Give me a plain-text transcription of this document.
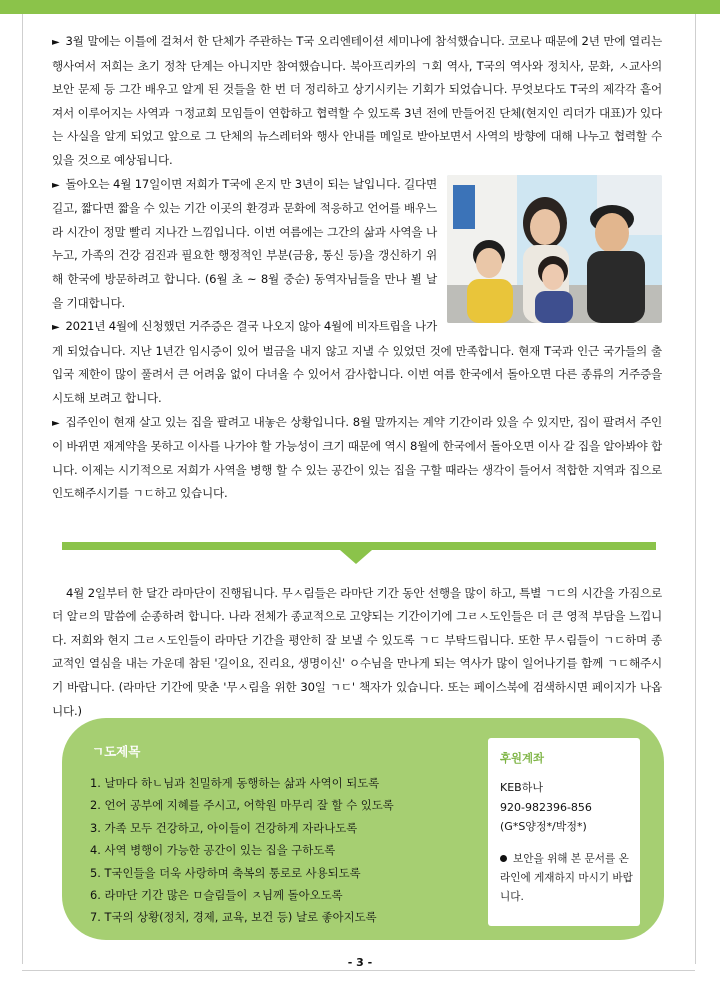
► 3월 말에는 이틀에 걸쳐서 한 단체가 주관하는 T국 오리엔테이션 세미나에 참석했습니다. 코로나 때문에 2년 만에 열리는 행사여서 저희는 초기 정착 단계는 아니지만 참여했습니다. 북아프리카의 ㄱ회 역사, T국의 역사와 정치사, 문화, ㅅ교사의 보안 문제 등 그간 배우고 알게 된 것들을 한 번 더 정리하고 상기시키는 기회가 되었습니다. 무엇보다도 T국의 제각각 흩어져서 이루어지는 사역과 ㄱ정교회 모임들이 연합하고 협력할 수 있도록 3년 전에 만들어진 단체(현지인 리더가 대표)가 있다는 사실을 알게 되었고 앞으로 그 단체의 뉴스레터와 행사 안내를 메일로 받아보면서 사역의 방향에 대해 나누고 협력할 수 있을 것으로 예상됩니다.

► 돌아오는 4월 17일이면 저희가 T국에 온지 만 3년이 되는 날입니다. 길다면 길고, 짧다면 짧을 수 있는 기간 이곳의 환경과 문화에 적응하고 언어를 배우느라 시간이 정말 빨리 지나간 느낌입니다. 이번 여름에는 그간의 삶과 사역을 나누고, 가족의 건강 검진과 필요한 행정적인 부분(금융, 통신 등)을 갱신하기 위해 한국에 방문하려고 합니다. (6월 초 ~ 8월 중순) 동역자님들을 만나 뵐 날을 기대합니다.

► 2021년 4월에 신청했던 거주증은 결국 나오지 않아 4월에 비자트립을 나가게 되었습니다. 지난 1년간 임시증이 있어 벌금을 내지 않고 지낼 수 있었던 것에 만족합니다. 현재 T국과 인근 국가들의 출입국 제한이 많이 풀려서 큰 어려움 없이 다녀올 수 있어서 감사합니다. 이번 여름 한국에서 돌아오면 다른 종류의 거주증을 시도해 보려고 합니다.

► 집주인이 현재 살고 있는 집을 팔려고 내놓은 상황입니다. 8월 말까지는 계약 기간이라 있을 수 있지만, 집이 팔려서 주인이 바뀌면 재계약을 못하고 이사를 나가야 할 가능성이 크기 때문에 역시 8월에 한국에서 돌아오면 이사 갈 집을 알아봐야 합니다. 이제는 시기적으로 저희가 사역을 병행 할 수 있는 공간이 있는 집을 구할 때라는 생각이 들어서 적합한 지역과 집으로 인도해주시기를 ㄱㄷ하고 있습니다.

4월 2일부터 한 달간 라마단이 진행됩니다. 무ㅅ림들은 라마단 기간 동안 선행을 많이 하고, 특별 ㄱㄷ의 시간을 가짐으로 더 알ㄹ의 말씀에 순종하려 합니다. 나라 전체가 종교적으로 고양되는 기간이기에 그ㄹㅅ도인들은 더 큰 영적 부담을 느낍니다. 저희와 현지 그ㄹㅅ도인들이 라마단 기간을 평안히 잘 보낼 수 있도록 ㄱㄷ 부탁드립니다. 또한 무ㅅ림들이 ㄱㄷ하며 종교적인 열심을 내는 가운데 참된 '길이요, 진리요, 생명이신' ㅇ수님을 만나게 되는 역사가 많이 일어나기를 함께 ㄱㄷ해주시기 바랍니다. (라마단 기간에 맞춘 '무ㅅ림을 위한 30일 ㄱㄷ' 책자가 있습니다. 또는 페이스북에 검색하시면 페이지가 나옵니다.)

ㄱ도제목
1. 날마다 하ㄴ님과 친밀하게 동행하는 삶과 사역이 되도록
2. 언어 공부에 지혜를 주시고, 어학원 마무리 잘 할 수 있도록
3. 가족 모두 건강하고, 아이들이 건강하게 자라나도록
4. 사역 병행이 가능한 공간이 있는 집을 구하도록
5. T국인들을 더욱 사랑하며 축복의 통로로 사용되도록
6. 라마단 기간 많은 ㅁ슬림들이 ㅈ님께 돌아오도록
7. T국의 상황(정치, 경제, 교육, 보건 등) 날로 좋아지도록
후원계좌
KEB하나
920-982396-856
(G*S양정*/박정*)
보안을 위해 본 문서를 온라인에 게재하지 마시기 바랍니다.
- 3 -
